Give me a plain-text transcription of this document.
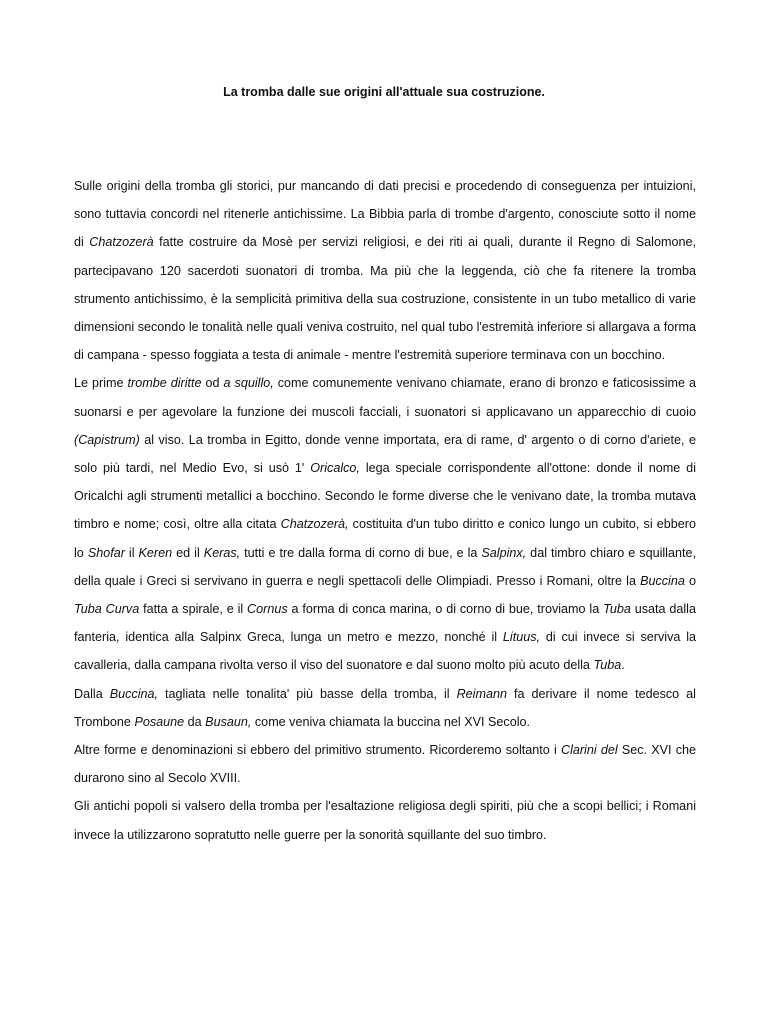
La tromba dalle sue origini all'attuale sua costruzione.

Sulle origini della tromba gli storici, pur mancando di dati precisi e procedendo di conseguenza per intuizioni, sono tuttavia concordi nel ritenerle antichissime. La Bibbia parla di trombe d'argento, conosciute sotto il nome di Chatzozerà fatte costruire da Mosè per servizi religiosi, e dei riti ai quali, durante il Regno di Salomone, partecipavano 120 sacerdoti suonatori di tromba. Ma più che la leggenda, ciò che fa ritenere la tromba strumento antichissimo, è la semplicità primitiva della sua costruzione, consistente in un tubo metallico di varie dimensioni secondo le tonalità nelle quali veniva costruito, nel qual tubo l'estremità inferiore si allargava a forma di campana - spesso foggiata a testa di animale - mentre l'estremità superiore terminava con un bocchino.

Le prime trombe diritte od a squillo, come comunemente venivano chiamate, erano di bronzo e faticosissime a suonarsi e per agevolare la funzione dei muscoli facciali, i suonatori sì applicavano un apparecchio di cuoio (Capistrum) al viso. La tromba in Egitto, donde venne importata, era di rame, d' argento o di corno d'ariete, e solo più tardi, nel Medio Evo, si usò 1' Oricalco, lega speciale corrispondente all'ottone: donde il nome di Oricalchi agli strumenti metallici a bocchino. Secondo le forme diverse che le venivano date, la tromba mutava timbro e nome; così, oltre alla citata Chatzozerà, costituita d'un tubo diritto e conico lungo un cubito, si ebbero lo Shofar il Keren ed il Keras, tutti e tre dalla forma di corno di bue, e la Salpinx, dal timbro chiaro e squillante, della quale i Greci si servivano in guerra e negli spettacoli delle Olimpiadi. Presso i Romani, oltre la Buccina o Tuba Curva fatta a spirale, e il Cornus a forma di conca marina, o di corno di bue, troviamo la Tuba usata dalla fanteria, identica alla Salpinx Greca, lunga un metro e mezzo, nonché il Lituus, di cui invece si serviva la cavalleria, dalla campana rivolta verso il viso del suonatore e dal suono molto più acuto della Tuba.

Dalla Buccina, tagliata nelle tonalita' più basse della tromba, il Reimann fa derivare il nome tedesco al Trombone Posaune da Busaun, come veniva chiamata la buccina nel XVI Secolo.

Altre forme e denominazioni si ebbero del primitivo strumento. Ricorderemo soltanto i Clarini del Sec. XVI che durarono sino al Secolo XVIII.

Gli antichi popoli si valsero della tromba per l'esaltazione religiosa degli spiriti, più che a scopi bellici; i Romani invece la utilizzarono sopratutto nelle guerre per la sonorità squillante del suo timbro.
